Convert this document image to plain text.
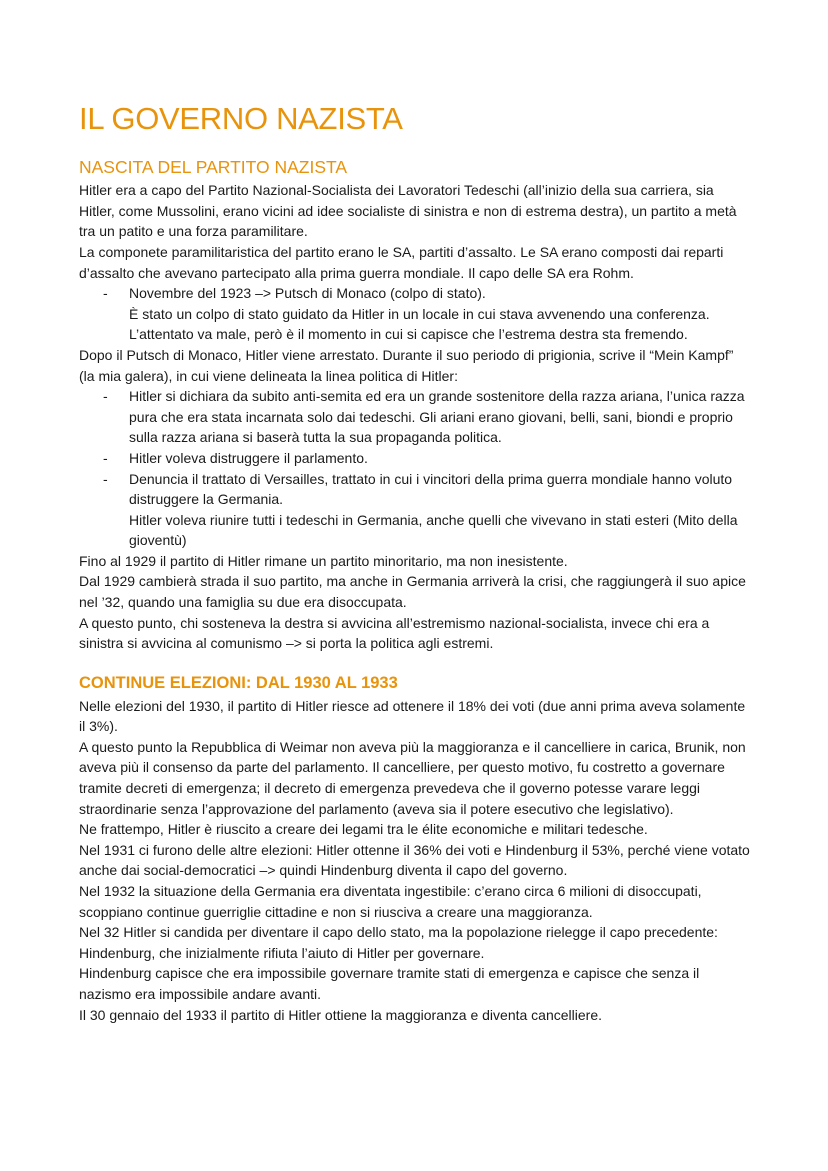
IL GOVERNO NAZISTA
NASCITA DEL PARTITO NAZISTA

Hitler era a capo del Partito Nazional-Socialista dei Lavoratori Tedeschi (all’inizio della sua carriera, sia Hitler, come Mussolini, erano vicini ad idee socialiste di sinistra e non di estrema destra), un partito a metà tra un patito e una forza paramilitare.

La componete paramilitaristica del partito erano le SA, partiti d’assalto. Le SA erano composti dai reparti d’assalto che avevano partecipato alla prima guerra mondiale. Il capo delle SA era Rohm.

- Novembre del 1923 –> Putsch di Monaco (colpo di stato).

È stato un colpo di stato guidato da Hitler in un locale in cui stava avvenendo una conferenza.

L’attentato va male, però è il momento in cui si capisce che l’estrema destra sta fremendo.

Dopo il Putsch di Monaco, Hitler viene arrestato. Durante il suo periodo di prigionia, scrive il “Mein Kampf” (la mia galera), in cui viene delineata la linea politica di Hitler:

- Hitler si dichiara da subito anti-semita ed era un grande sostenitore della razza ariana, l’unica razza pura che era stata incarnata solo dai tedeschi. Gli ariani erano giovani, belli, sani, biondi e proprio sulla razza ariana si baserà tutta la sua propaganda politica.
- Hitler voleva distruggere il parlamento.
- Denuncia il trattato di Versailles, trattato in cui i vincitori della prima guerra mondiale hanno voluto distruggere la Germania.

Hitler voleva riunire tutti i tedeschi in Germania, anche quelli che vivevano in stati esteri (Mito della gioventù)

Fino al 1929 il partito di Hitler rimane un partito minoritario, ma non inesistente.

Dal 1929 cambierà strada il suo partito, ma anche in Germania arriverà la crisi, che raggiungerà il suo apice nel ’32, quando una famiglia su due era disoccupata.

A questo punto, chi sosteneva la destra si avvicina all’estremismo nazional-socialista, invece chi era a sinistra si avvicina al comunismo –> si porta la politica agli estremi.

CONTINUE ELEZIONI: DAL 1930 AL 1933

Nelle elezioni del 1930, il partito di Hitler riesce ad ottenere il 18% dei voti (due anni prima aveva solamente il 3%).

A questo punto la Repubblica di Weimar non aveva più la maggioranza e il cancelliere in carica, Brunik, non aveva più il consenso da parte del parlamento. Il cancelliere, per questo motivo, fu costretto a governare tramite decreti di emergenza; il decreto di emergenza prevedeva che il governo potesse varare leggi straordinarie senza l’approvazione del parlamento (aveva sia il potere esecutivo che legislativo).

Ne frattempo, Hitler è riuscito a creare dei legami tra le élite economiche e militari tedesche.

Nel 1931 ci furono delle altre elezioni: Hitler ottenne il 36% dei voti e Hindenburg il 53%, perché viene votato anche dai social-democratici –> quindi Hindenburg diventa il capo del governo.

Nel 1932 la situazione della Germania era diventata ingestibile: c’erano circa 6 milioni di disoccupati, scoppiano continue guerriglie cittadine e non si riusciva a creare una maggioranza.

Nel 32 Hitler si candida per diventare il capo dello stato, ma la popolazione rielegge il capo precedente: Hindenburg, che inizialmente rifiuta l’aiuto di Hitler per governare.

Hindenburg capisce che era impossibile governare tramite stati di emergenza e capisce che senza il nazismo era impossibile andare avanti.

Il 30 gennaio del 1933 il partito di Hitler ottiene la maggioranza e diventa cancelliere.
